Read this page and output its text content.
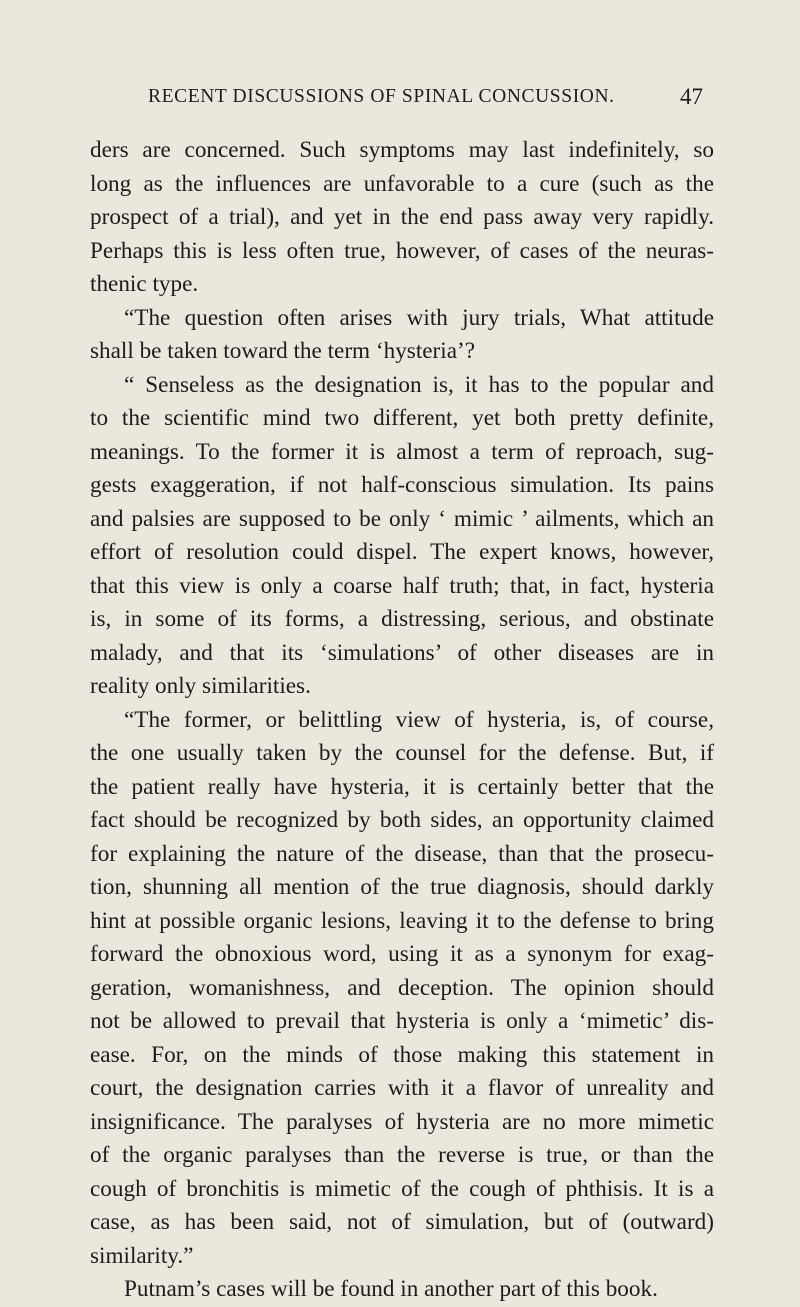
RECENT DISCUSSIONS OF SPINAL CONCUSSION.	47
ders are concerned. Such symptoms may last indefinitely, so
long as the influences are unfavorable to a cure (such as the
prospect of a trial), and yet in the end pass away very rapidly.
Perhaps this is less often true, however, of cases of the neuras-
thenic type.
“The question often arises with jury trials, What attitude
shall be taken toward the term ‘hysteria’?
“ Senseless as the designation is, it has to the popular and
to the scientific mind two different, yet both pretty definite,
meanings. To the former it is almost a term of reproach, sug-
gests exaggeration, if not half-conscious simulation. Its pains
and palsies are supposed to be only ‘ mimic ’ ailments, which an
effort of resolution could dispel. The expert knows, however,
that this view is only a coarse half truth; that, in fact, hysteria
is, in some of its forms, a distressing, serious, and obstinate
malady, and that its ‘simulations’ of other diseases are in
reality only similarities.
“The former, or belittling view of hysteria, is, of course,
the one usually taken by the counsel for the defense. But, if
the patient really have hysteria, it is certainly better that the
fact should be recognized by both sides, an opportunity claimed
for explaining the nature of the disease, than that the prosecu-
tion, shunning all mention of the true diagnosis, should darkly
hint at possible organic lesions, leaving it to the defense to bring
forward the obnoxious word, using it as a synonym for exag-
geration, womanishness, and deception. The opinion should
not be allowed to prevail that hysteria is only a ‘mimetic’ dis-
ease. For, on the minds of those making this statement in
court, the designation carries with it a flavor of unreality and
insignificance. The paralyses of hysteria are no more mimetic
of the organic paralyses than the reverse is true, or than the
cough of bronchitis is mimetic of the cough of phthisis. It is a
case, as has been said, not of simulation, but of (outward)
similarity.”
Putnam’s cases will be found in another part of this book.
